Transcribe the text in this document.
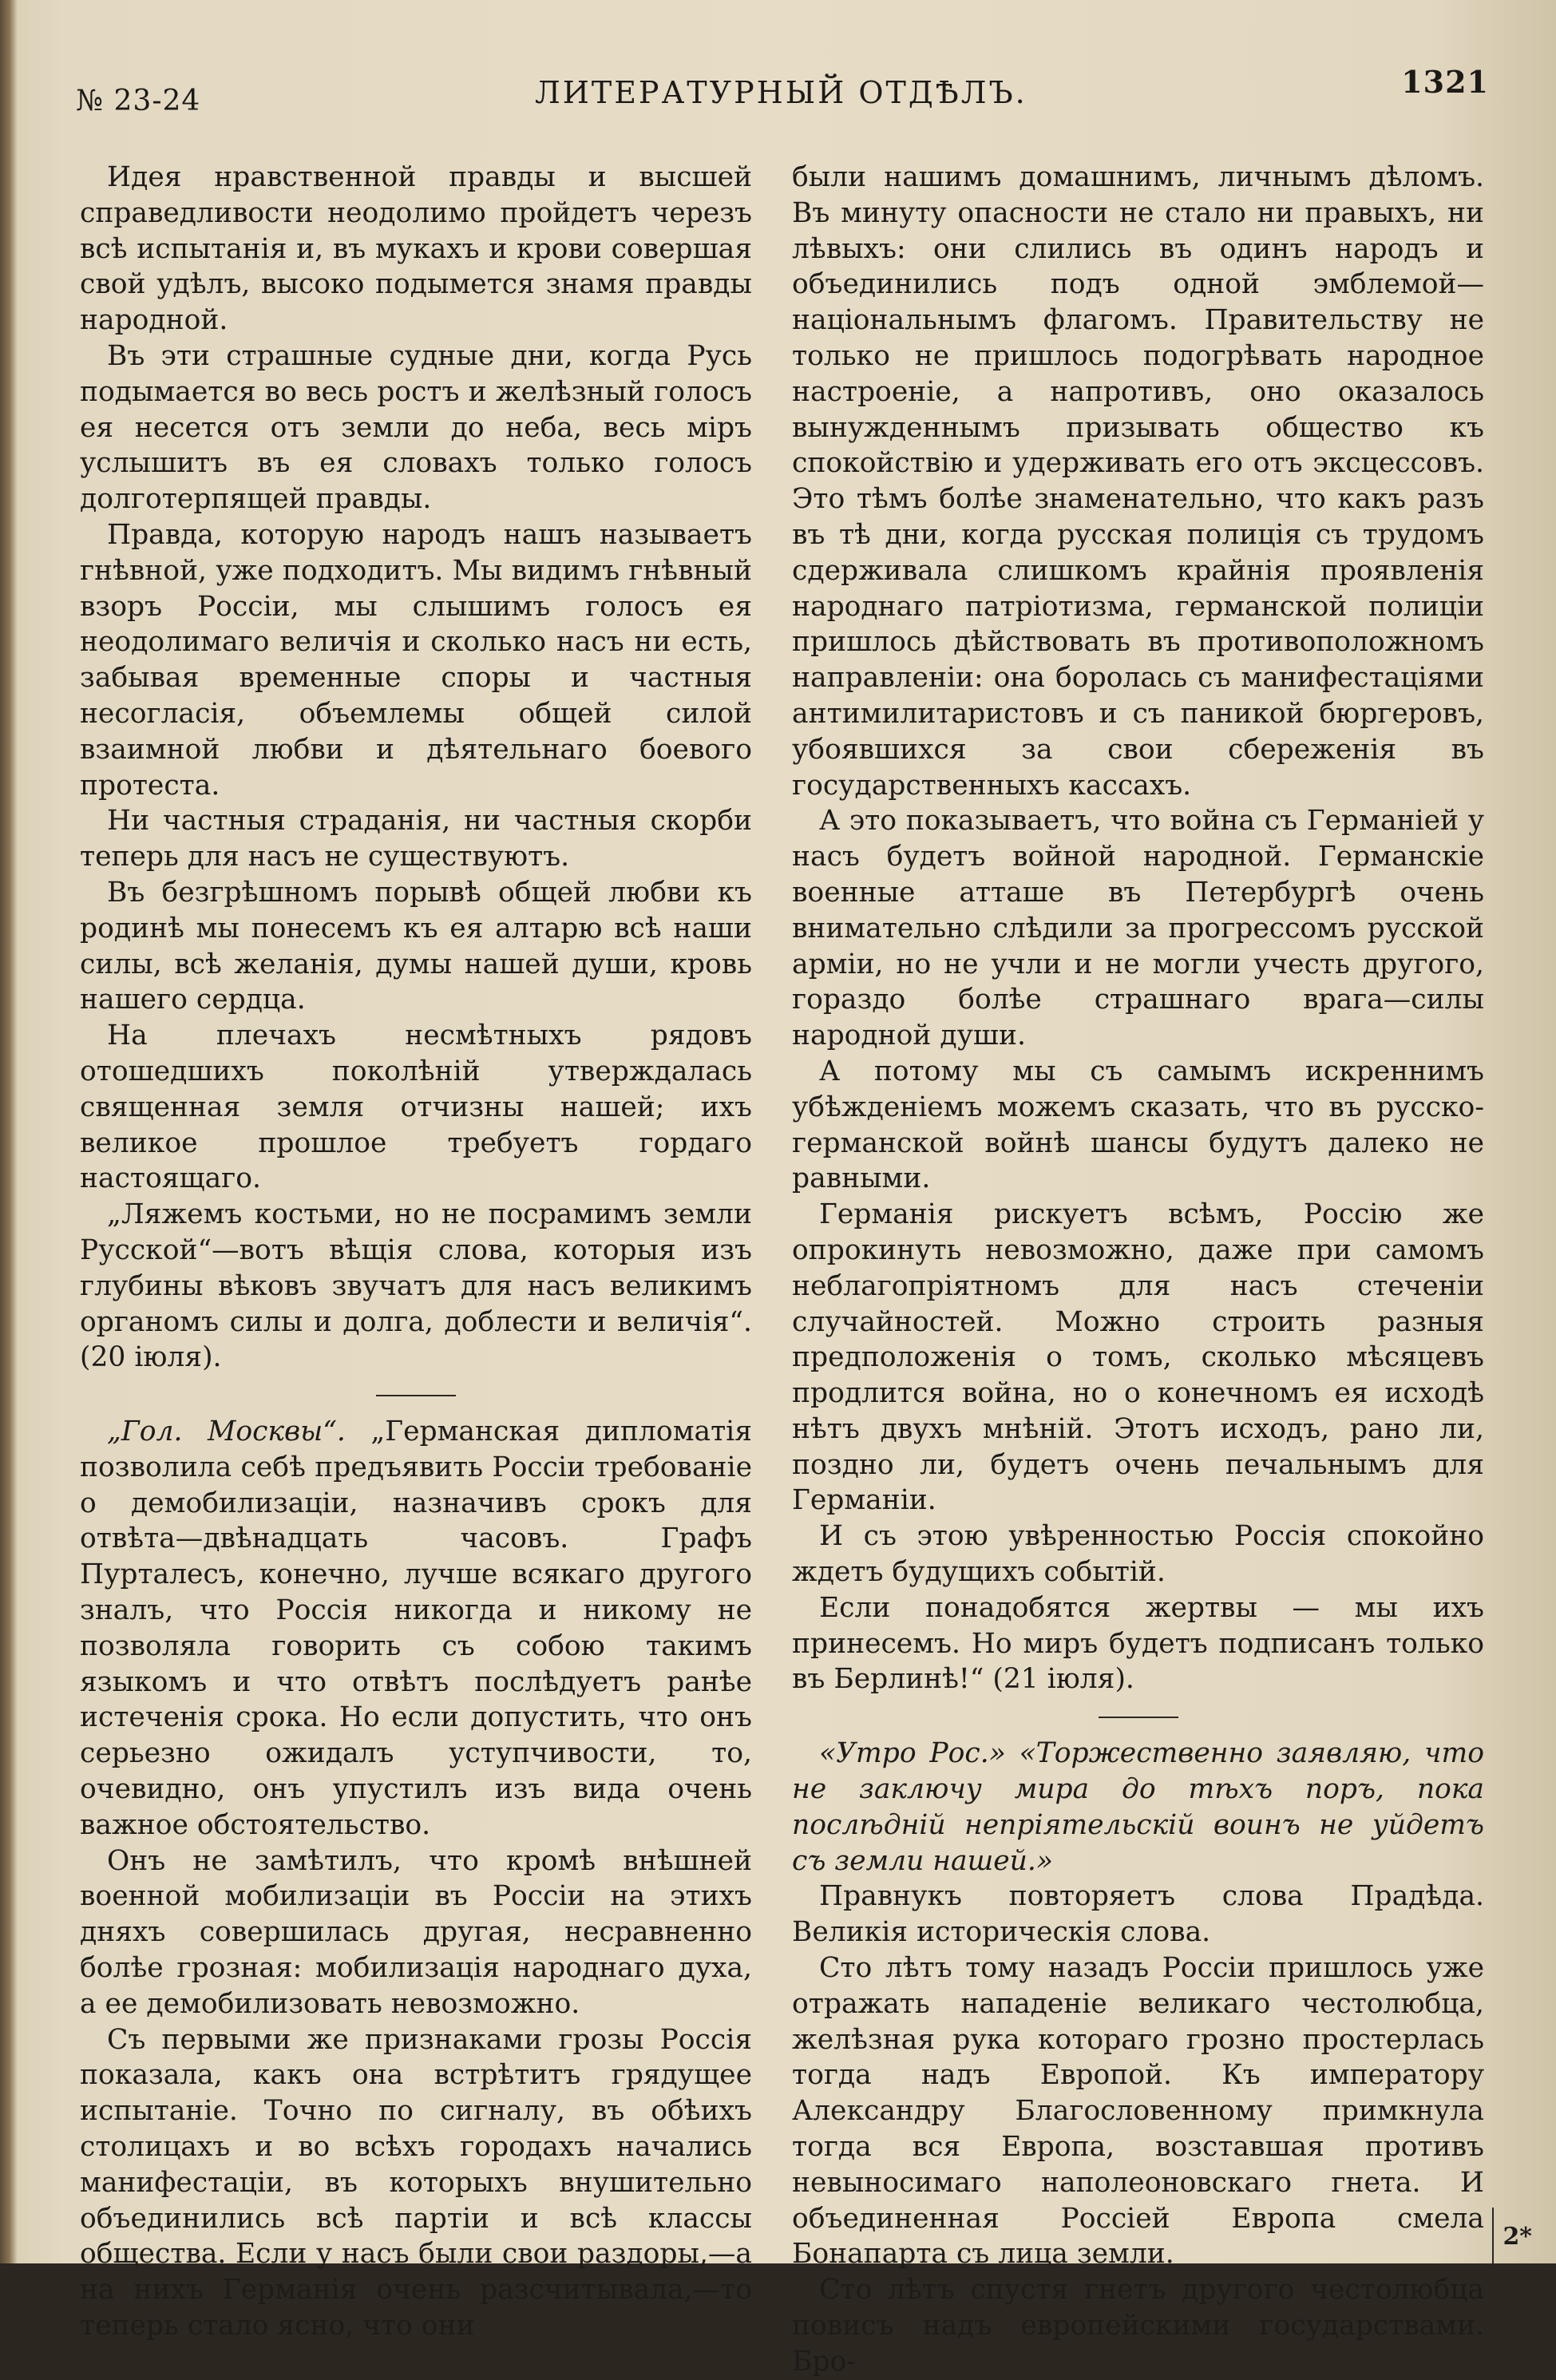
№ 23-24	ЛИТЕРАТУРНЫЙ ОТДѢЛЪ.	1321

Идея нравственной правды и высшей справедливости неодолимо пройдетъ черезъ всѣ испытанія и, въ мукахъ и крови совершая свой удѣлъ, высоко подымется знамя правды народной.

Въ эти страшные судные дни, когда Русь подымается во весь ростъ и желѣзный голосъ ея несется отъ земли до неба, весь міръ услышитъ въ ея словахъ только голосъ долготерпящей правды.

Правда, которую народъ нашъ называетъ гнѣвной, уже подходитъ. Мы видимъ гнѣвный взоръ Россіи, мы слышимъ голосъ ея неодолимаго величія и сколько насъ ни есть, забывая временные споры и частныя несогласія, объемлемы общей силой взаимной любви и дѣятельнаго боевого протеста.

Ни частныя страданія, ни частныя скорби теперь для насъ не существуютъ.

Въ безгрѣшномъ порывѣ общей любви къ родинѣ мы понесемъ къ ея алтарю всѣ наши силы, всѣ желанія, думы нашей души, кровь нашего сердца.

На плечахъ несмѣтныхъ рядовъ отошедшихъ поколѣній утверждалась священная земля отчизны нашей; ихъ великое прошлое требуетъ гордаго настоящаго.

„Ляжемъ костьми, но не посрамимъ земли Русской“—вотъ вѣщія слова, которыя изъ глубины вѣковъ звучатъ для насъ великимъ органомъ силы и долга, доблести и величія“. (20 іюля).

„Гол. Москвы“. „Германская дипломатія позволила себѣ предъявить Россіи требованіе о демобилизаціи, назначивъ срокъ для отвѣта—двѣнадцать часовъ. Графъ Пурталесъ, конечно, лучше всякаго другого зналъ, что Россія никогда и никому не позволяла говорить съ собою такимъ языкомъ и что отвѣтъ послѣдуетъ ранѣе истеченія срока. Но если допустить, что онъ серьезно ожидалъ уступчивости, то, очевидно, онъ упустилъ изъ вида очень важное обстоятельство.

Онъ не замѣтилъ, что кромѣ внѣшней военной мобилизаціи въ Россіи на этихъ дняхъ совершилась другая, несравненно болѣе грозная: мобилизація народнаго духа, а ее демобилизовать невозможно.

Съ первыми же признаками грозы Россія показала, какъ она встрѣтитъ грядущее испытаніе. Точно по сигналу, въ обѣихъ столицахъ и во всѣхъ городахъ начались манифестаціи, въ которыхъ внушительно объединились всѣ партіи и всѣ классы общества. Если у насъ были свои раздоры,—а на нихъ Германія очень разсчитывала,—то теперь стало ясно, что они

были нашимъ домашнимъ, личнымъ дѣломъ. Въ минуту опасности не стало ни правыхъ, ни лѣвыхъ: они слились въ одинъ народъ и объединились подъ одной эмблемой—національнымъ флагомъ. Правительству не только не пришлось подогрѣвать народное настроеніе, а напротивъ, оно оказалось вынужденнымъ призывать общество къ спокойствію и удерживать его отъ эксцессовъ. Это тѣмъ болѣе знаменательно, что какъ разъ въ тѣ дни, когда русская полиція съ трудомъ сдерживала слишкомъ крайнія проявленія народнаго патріотизма, германской полиціи пришлось дѣйствовать въ противоположномъ направленіи: она боролась съ манифестаціями антимилитаристовъ и съ паникой бюргеровъ, убоявшихся за свои сбереженія въ государственныхъ кассахъ.

А это показываетъ, что война съ Германіей у насъ будетъ войной народной. Германскіе военные атташе въ Петербургѣ очень внимательно слѣдили за прогрессомъ русской арміи, но не учли и не могли учесть другого, гораздо болѣе страшнаго врага—силы народной души.

А потому мы съ самымъ искреннимъ убѣжденіемъ можемъ сказать, что въ русско-германской войнѣ шансы будутъ далеко не равными.

Германія рискуетъ всѣмъ, Россію же опрокинуть невозможно, даже при самомъ неблагопріятномъ для насъ стеченіи случайностей. Можно строить разныя предположенія о томъ, сколько мѣсяцевъ продлится война, но о конечномъ ея исходѣ нѣтъ двухъ мнѣній. Этотъ исходъ, рано ли, поздно ли, будетъ очень печальнымъ для Германіи.

И съ этою увѣренностью Россія спокойно ждетъ будущихъ событій.

Если понадобятся жертвы — мы ихъ принесемъ. Но миръ будетъ подписанъ только въ Берлинѣ!“ (21 іюля).

«Утро Рос.» «Торжественно заявляю, что не заключу мира до тѣхъ поръ, пока послѣдній непріятельскій воинъ не уйдетъ съ земли нашей.»

Правнукъ повторяетъ слова Прадѣда. Великія историческія слова.

Сто лѣтъ тому назадъ Россіи пришлось уже отражать нападеніе великаго честолюбца, желѣзная рука котораго грозно простерлась тогда надъ Европой. Къ императору Александру Благословенному примкнула тогда вся Европа, возставшая противъ невыносимаго наполеоновскаго гнета. И объединенная Россіей Европа смела Бонапарта съ лица земли.

Сто лѣтъ спустя гнетъ другого честолюбца повисъ надъ европейскими государствами. Бро-

2*
